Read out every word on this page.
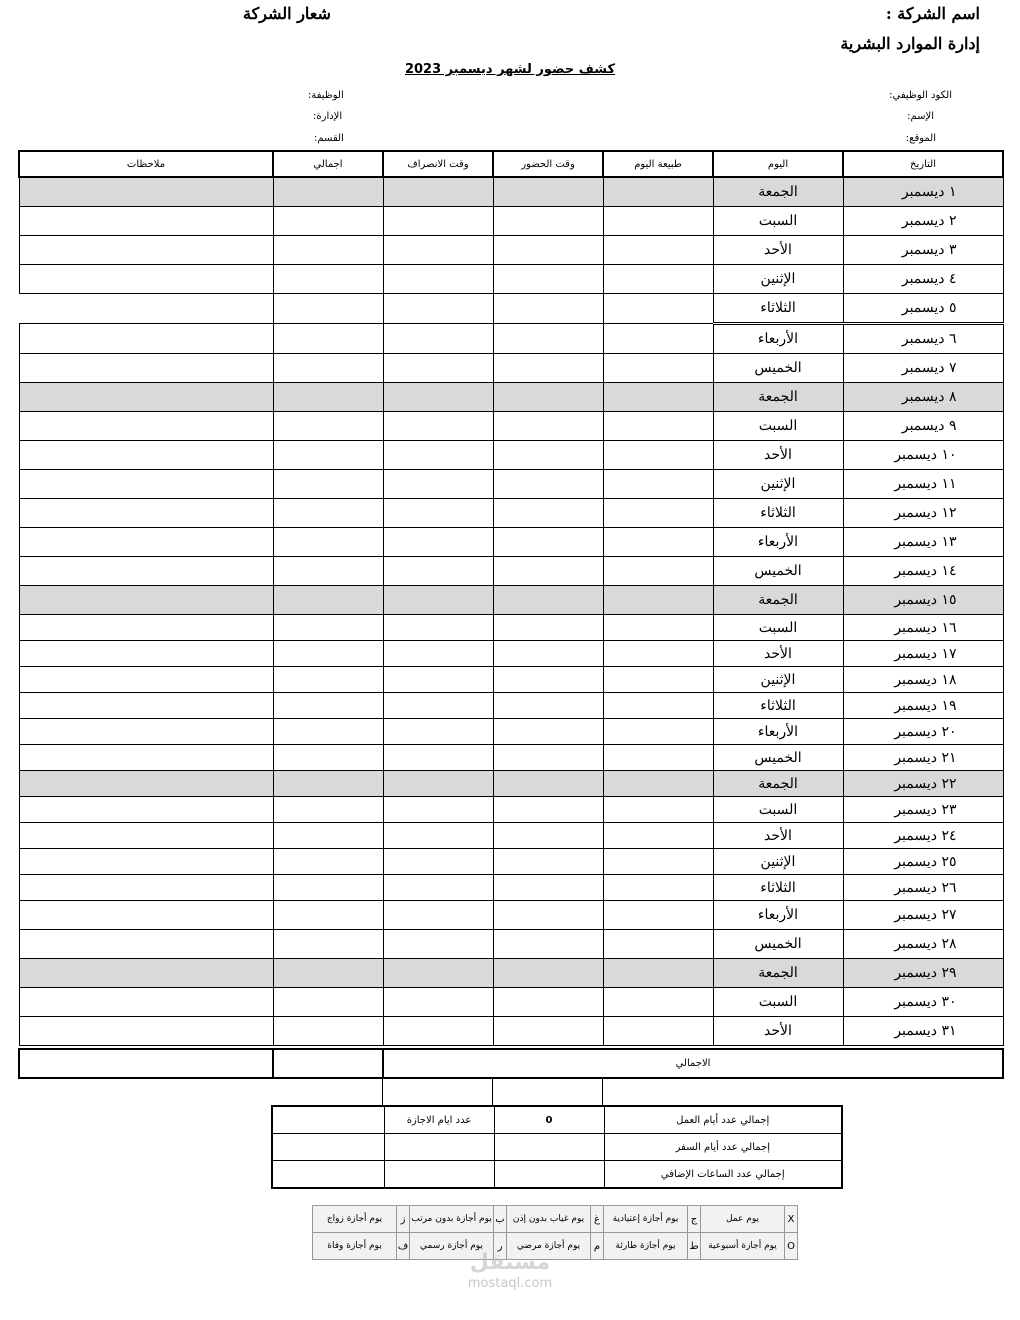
اسم الشركة :
شعار الشركة
إدارة الموارد البشرية
كشف حضور لشهر ديسمبر 2023
الكود الوظيفي:
الإسم:
الموقع:
الوظيفة:
الإدارة:
القسم:
التاريخ	اليوم	طبيعة اليوم	وقت الحضور	وقت الانصراف	اجمالي	ملاحظات
١ ديسمبر	الجمعة					
٢ ديسمبر	السبت					
٣ ديسمبر	الأحد					
٤ ديسمبر	الإثنين					
٥ ديسمبر	الثلاثاء					
٦ ديسمبر	الأربعاء					
٧ ديسمبر	الخميس					
٨ ديسمبر	الجمعة					
٩ ديسمبر	السبت					
١٠ ديسمبر	الأحد					
١١ ديسمبر	الإثنين					
١٢ ديسمبر	الثلاثاء					
١٣ ديسمبر	الأربعاء					
١٤ ديسمبر	الخميس					
١٥ ديسمبر	الجمعة					
١٦ ديسمبر	السبت					
١٧ ديسمبر	الأحد					
١٨ ديسمبر	الإثنين					
١٩ ديسمبر	الثلاثاء					
٢٠ ديسمبر	الأربعاء					
٢١ ديسمبر	الخميس					
٢٢ ديسمبر	الجمعة					
٢٣ ديسمبر	السبت					
٢٤ ديسمبر	الأحد					
٢٥ ديسمبر	الإثنين					
٢٦ ديسمبر	الثلاثاء					
٢٧ ديسمبر	الأربعاء					
٢٨ ديسمبر	الخميس					
٢٩ ديسمبر	الجمعة					
٣٠ ديسمبر	السبت					
٣١ ديسمبر	الأحد					
الاجمالي		
إجمالي عدد أيام العمل	0	عدد ايام الاجازة	
إجمالي عدد أيام السفر			
إجمالي عدد الساعات الإضافي			
X	يوم عمل	ج	يوم أجازة إعتيادية	غ	يوم غياب بدون إذن	ب	يوم أجازة بدون مرتب	ز	يوم أجازة زواج
O	يوم أجازة أسبوعية	ط	يوم أجازة طارئة	م	يوم أجازة مرضي	ر	يوم أجازة رسمي	ف	يوم أجازة وفاة
مستقل
mostaql.com
